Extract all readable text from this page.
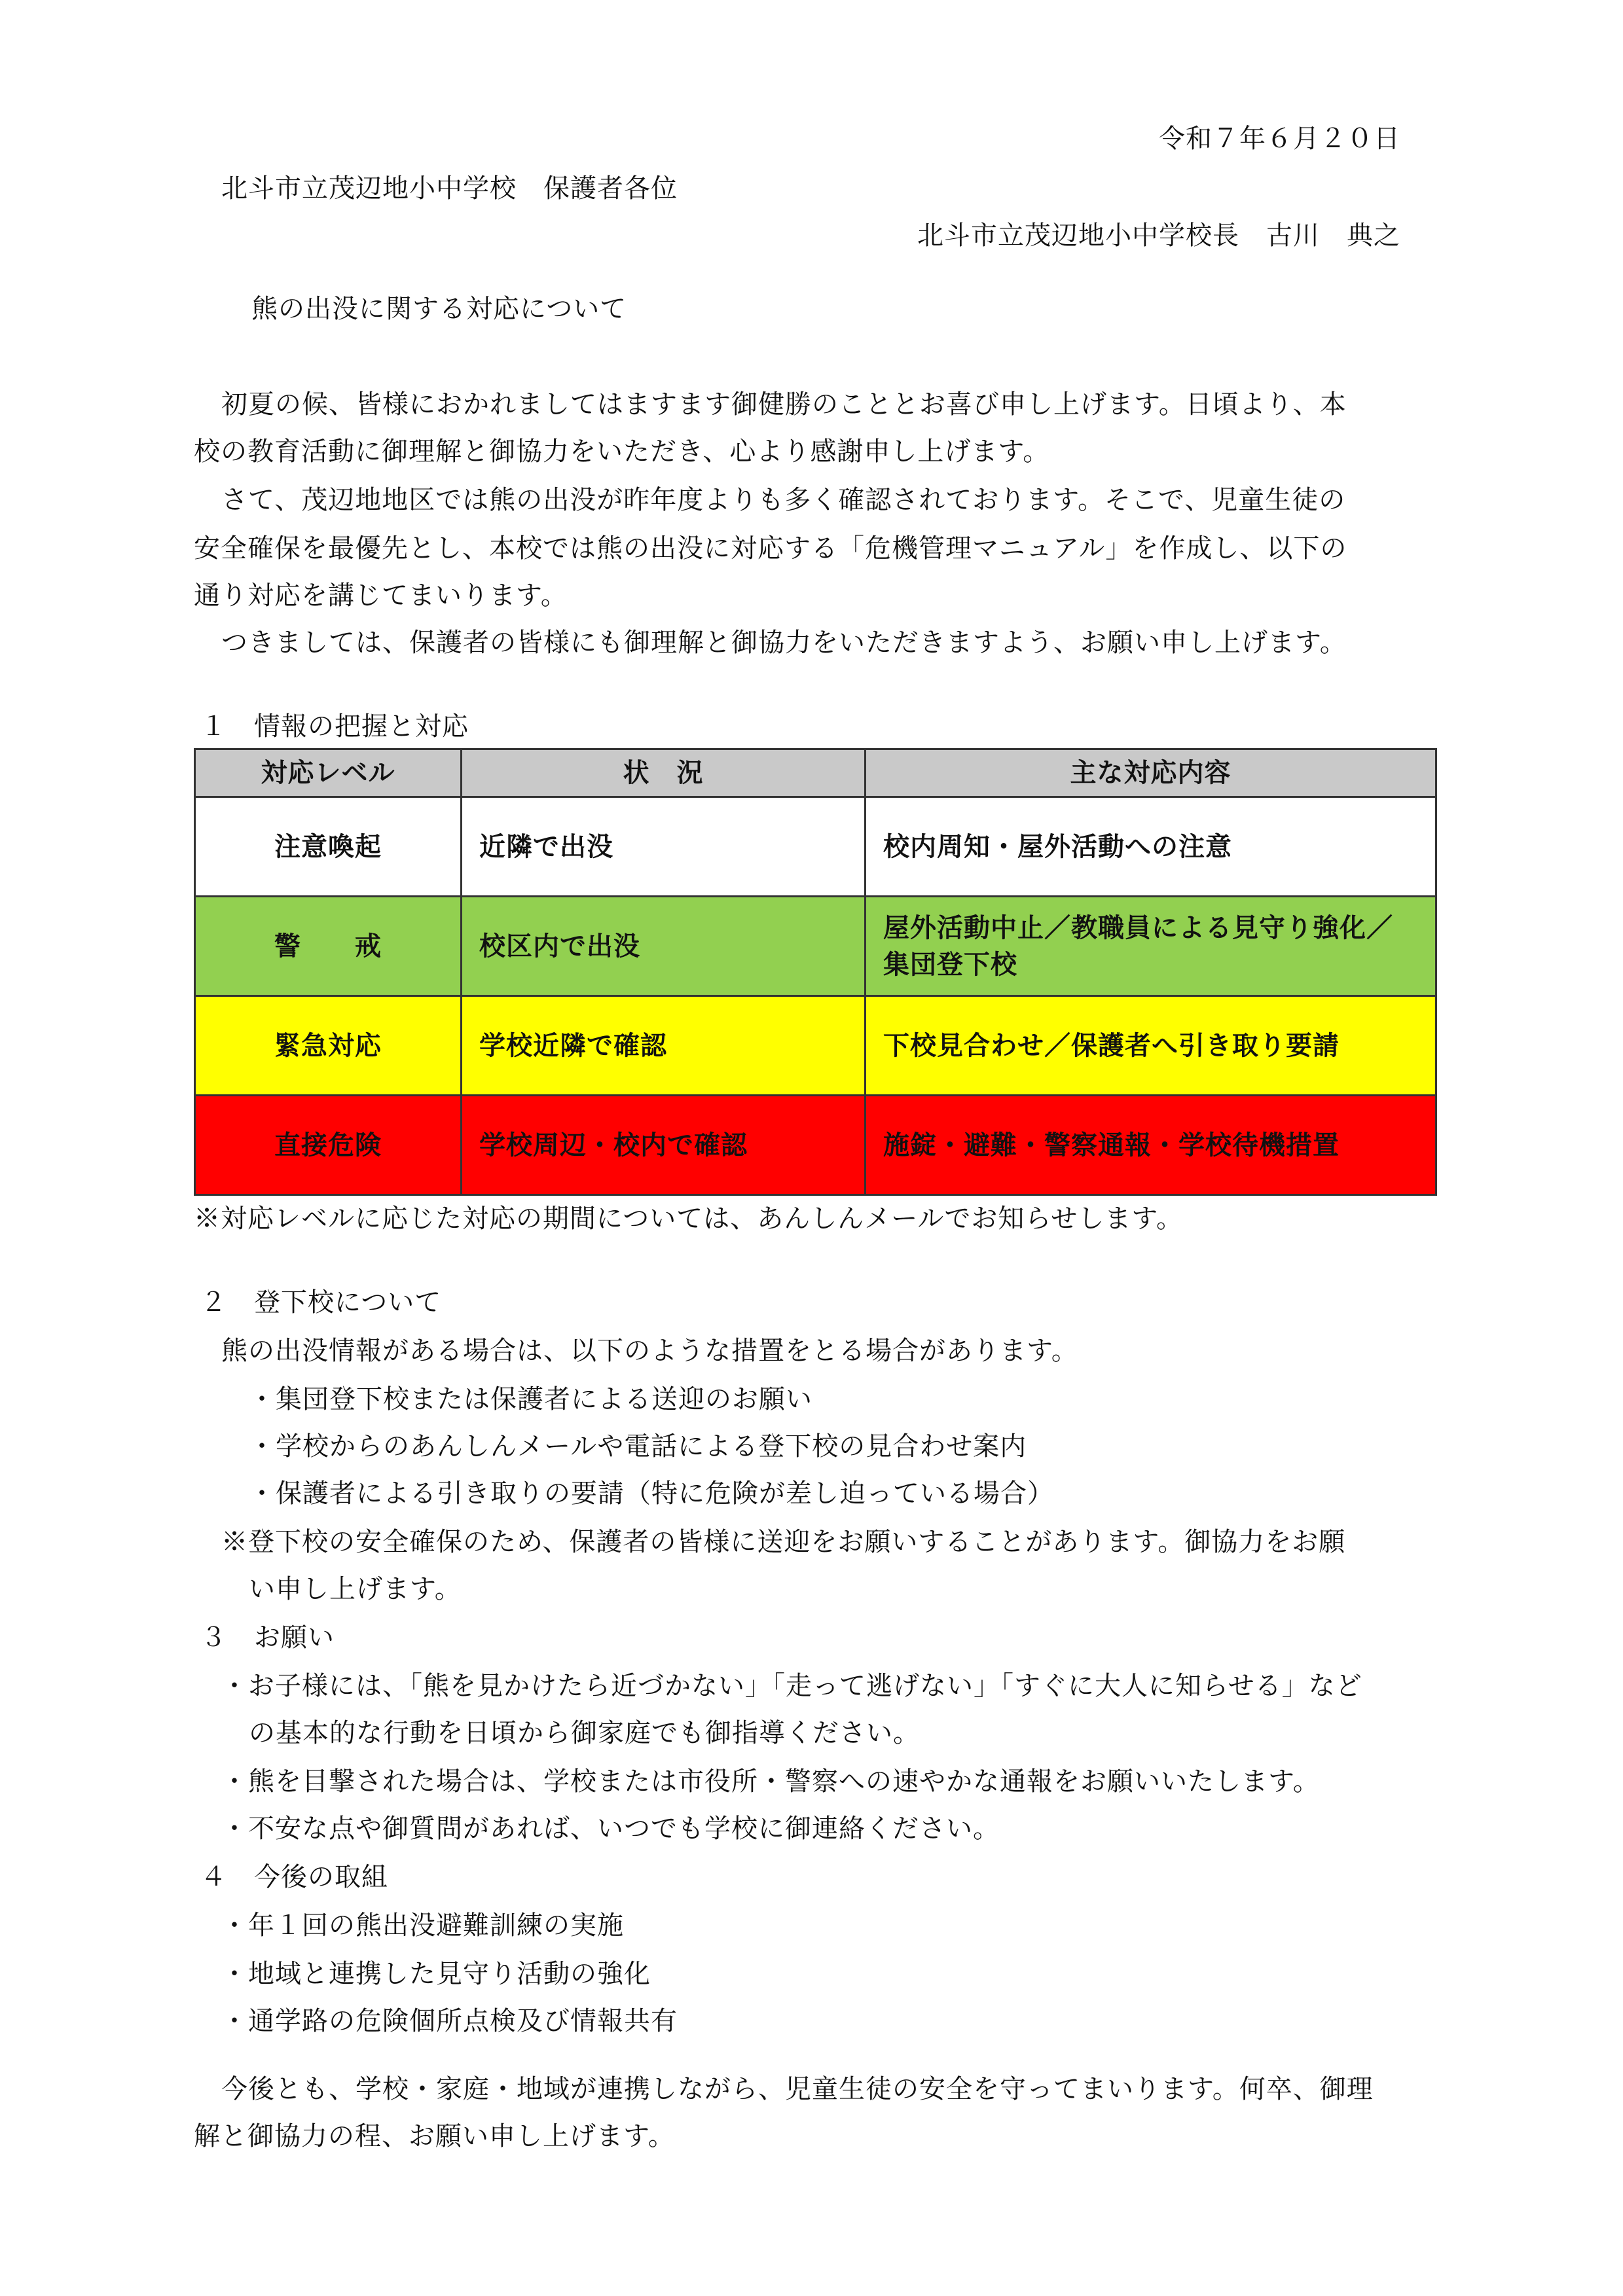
令和７年６月２０日

北斗市立茂辺地小中学校　保護者各位

北斗市立茂辺地小中学校長　古川　典之

熊の出没に関する対応について

初夏の候、皆様におかれましてはますます御健勝のこととお喜び申し上げます。日頃より、本

校の教育活動に御理解と御協力をいただき、心より感謝申し上げます。

さて、茂辺地地区では熊の出没が昨年度よりも多く確認されております。そこで、児童生徒の

安全確保を最優先とし、本校では熊の出没に対応する「危機管理マニュアル」を作成し、以下の

通り対応を講じてまいります。

つきましては、保護者の皆様にも御理解と御協力をいただきますよう、お願い申し上げます。

１　情報の把握と対応

対応レベル	状　況	主な対応内容
注意喚起	近隣で出没	校内周知・屋外活動への注意
警　　戒	校区内で出没	屋外活動中止／教職員による見守り強化／
集団登下校

緊急対応	学校近隣で確認	下校見合わせ／保護者へ引き取り要請
直接危険	学校周辺・校内で確認	施錠・避難・警察通報・学校待機措置

※対応レベルに応じた対応の期間については、あんしんメールでお知らせします。

２　登下校について

熊の出没情報がある場合は、以下のような措置をとる場合があります。

・集団登下校または保護者による送迎のお願い

・学校からのあんしんメールや電話による登下校の見合わせ案内

・保護者による引き取りの要請（特に危険が差し迫っている場合）

※登下校の安全確保のため、保護者の皆様に送迎をお願いすることがあります。御協力をお願

い申し上げます。

３　お願い

・お子様には、「熊を見かけたら近づかない」「走って逃げない」「すぐに大人に知らせる」など

の基本的な行動を日頃から御家庭でも御指導ください。

・熊を目撃された場合は、学校または市役所・警察への速やかな通報をお願いいたします。

・不安な点や御質問があれば、いつでも学校に御連絡ください。

４　今後の取組

・年１回の熊出没避難訓練の実施

・地域と連携した見守り活動の強化

・通学路の危険個所点検及び情報共有

今後とも、学校・家庭・地域が連携しながら、児童生徒の安全を守ってまいります。何卒、御理

解と御協力の程、お願い申し上げます。
